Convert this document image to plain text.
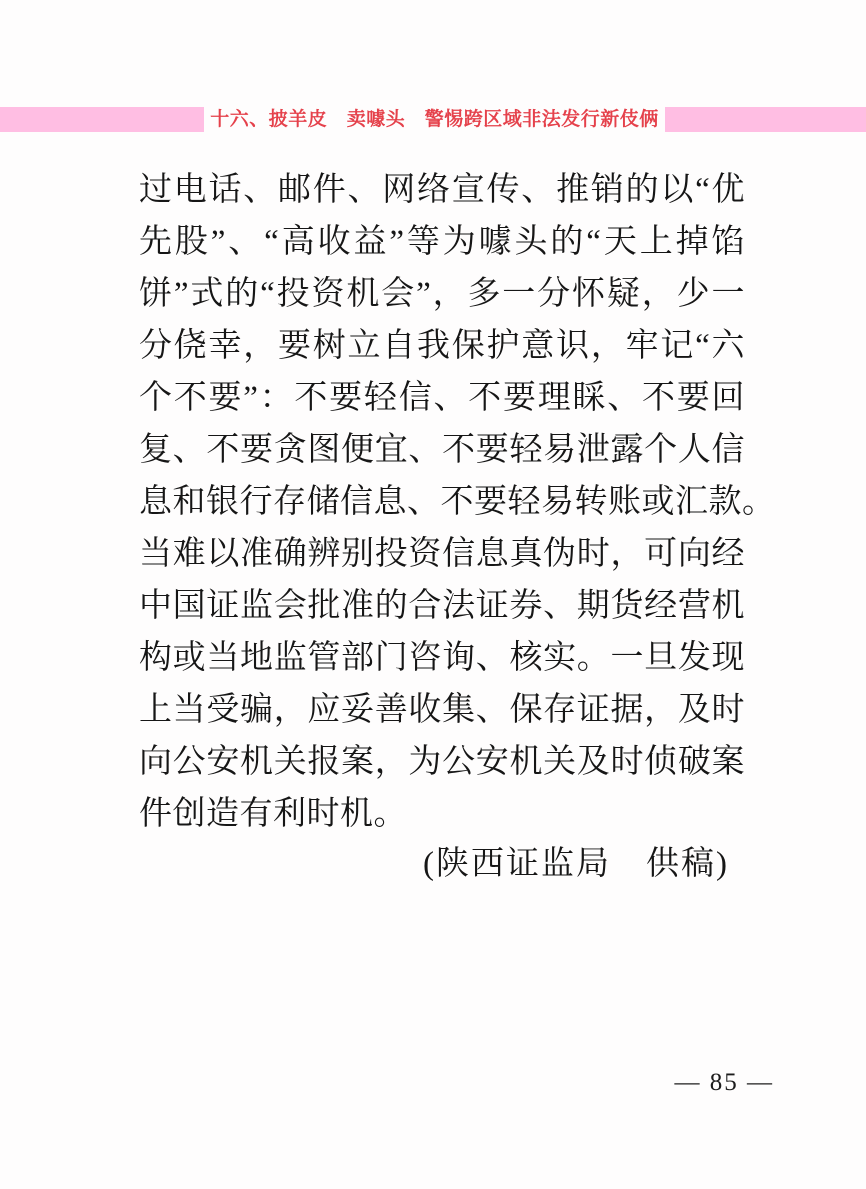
十六、披羊皮　卖噱头　警惕跨区域非法发行新伎俩
过电话、邮件、网络宣传、推销的以“优
先股”、“高收益”等为噱头的“天上掉馅
饼”式的“投资机会”，多一分怀疑，少一
分侥幸，要树立自我保护意识，牢记“六
个不要”：不要轻信、不要理睬、不要回
复、不要贪图便宜、不要轻易泄露个人信
息和银行存储信息、不要轻易转账或汇款。
当难以准确辨别投资信息真伪时，可向经
中国证监会批准的合法证券、期货经营机
构或当地监管部门咨询、核实。一旦发现
上当受骗，应妥善收集、保存证据，及时
向公安机关报案，为公安机关及时侦破案
件创造有利时机。
(陕西证监局　供稿)
— 85 —
